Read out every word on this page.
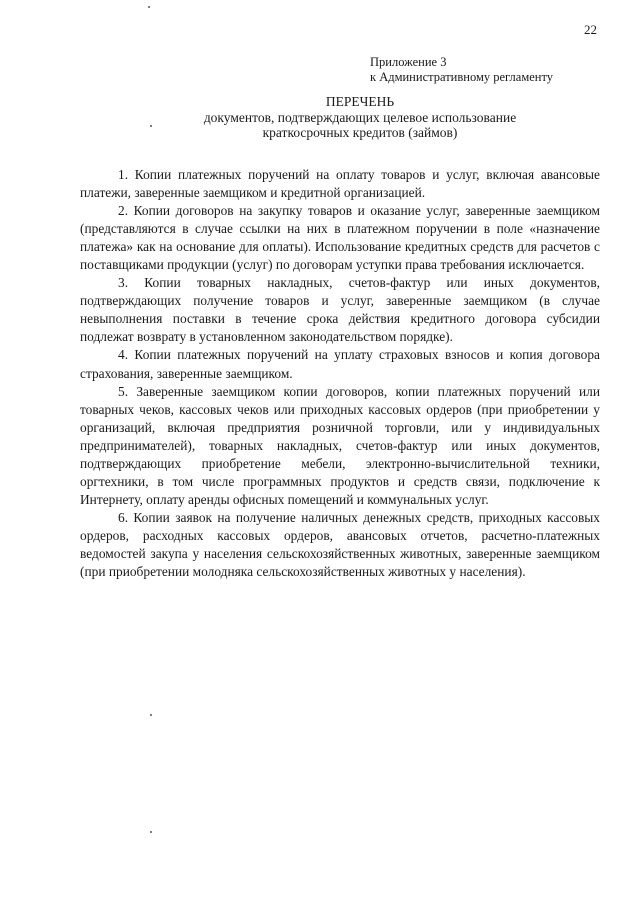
22
Приложение 3
к Административному регламенту
ПЕРЕЧЕНЬ
документов, подтверждающих целевое использование
краткосрочных кредитов (займов)

1. Копии платежных поручений на оплату товаров и услуг, включая авансовые платежи, заверенные заемщиком и кредитной организацией.

2. Копии договоров на закупку товаров и оказание услуг, заверенные заемщиком (представляются в случае ссылки на них в платежном поручении в поле «назначение платежа» как на основание для оплаты). Использование кредитных средств для расчетов с поставщиками продукции (услуг) по договорам уступки права требования исключается.

3. Копии товарных накладных, счетов-фактур или иных документов, подтверждающих получение товаров и услуг, заверенные заемщиком (в случае невыполнения поставки в течение срока действия кредитного договора субсидии подлежат возврату в установленном законодательством порядке).

4. Копии платежных поручений на уплату страховых взносов и копия договора страхования, заверенные заемщиком.

5. Заверенные заемщиком копии договоров, копии платежных поручений или товарных чеков, кассовых чеков или приходных кассовых ордеров (при приобретении у организаций, включая предприятия розничной торговли, или у индивидуальных предпринимателей), товарных накладных, счетов-фактур или иных документов, подтверждающих приобретение мебели, электронно-вычислительной техники, оргтехники, в том числе программных продуктов и средств связи, подключение к Интернету, оплату аренды офисных помещений и коммунальных услуг.

6. Копии заявок на получение наличных денежных средств, приходных кассовых ордеров, расходных кассовых ордеров, авансовых отчетов, расчетно-платежных ведомостей закупа у населения сельскохозяйственных животных, заверенные заемщиком (при приобретении молодняка сельскохозяйственных животных у населения).
